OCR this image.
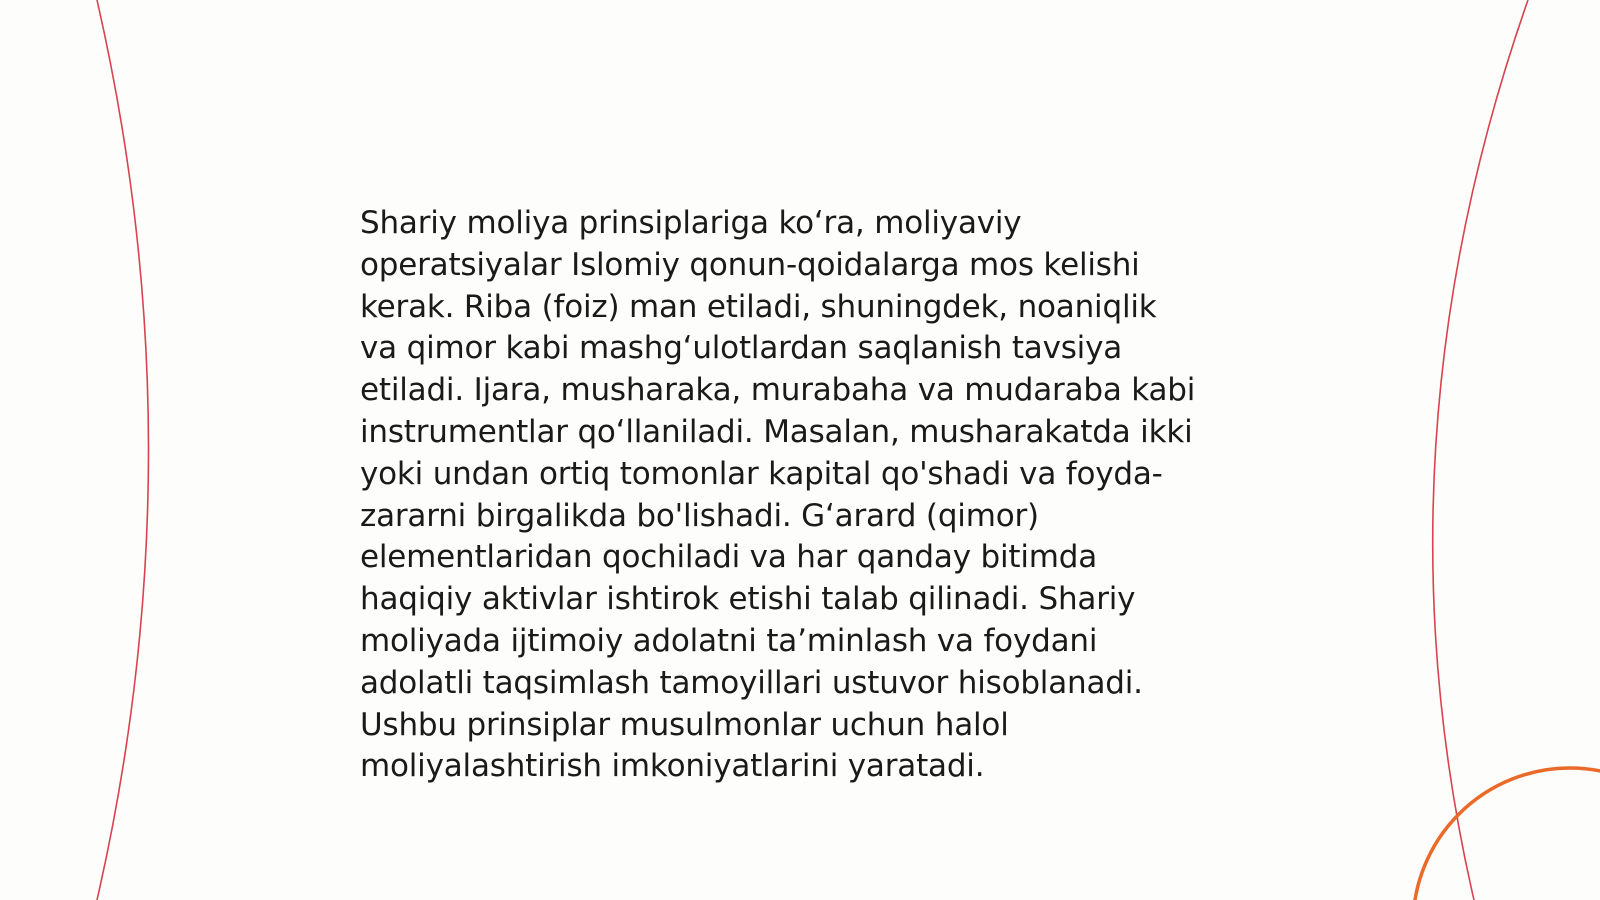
Shariy moliya prinsiplariga ko‘ra, moliyaviy
operatsiyalar Islomiy qonun-qoidalarga mos kelishi
kerak. Riba (foiz) man etiladi, shuningdek, noaniqlik
va qimor kabi mashg‘ulotlardan saqlanish tavsiya
etiladi. Ijara, musharaka, murabaha va mudaraba kabi
instrumentlar qo‘llaniladi. Masalan, musharakatda ikki
yoki undan ortiq tomonlar kapital qo'shadi va foyda-
zararni birgalikda bo'lishadi. G‘arard (qimor)
elementlaridan qochiladi va har qanday bitimda
haqiqiy aktivlar ishtirok etishi talab qilinadi. Shariy
moliyada ijtimoiy adolatni ta’minlash va foydani
adolatli taqsimlash tamoyillari ustuvor hisoblanadi.
Ushbu prinsiplar musulmonlar uchun halol
moliyalashtirish imkoniyatlarini yaratadi.
